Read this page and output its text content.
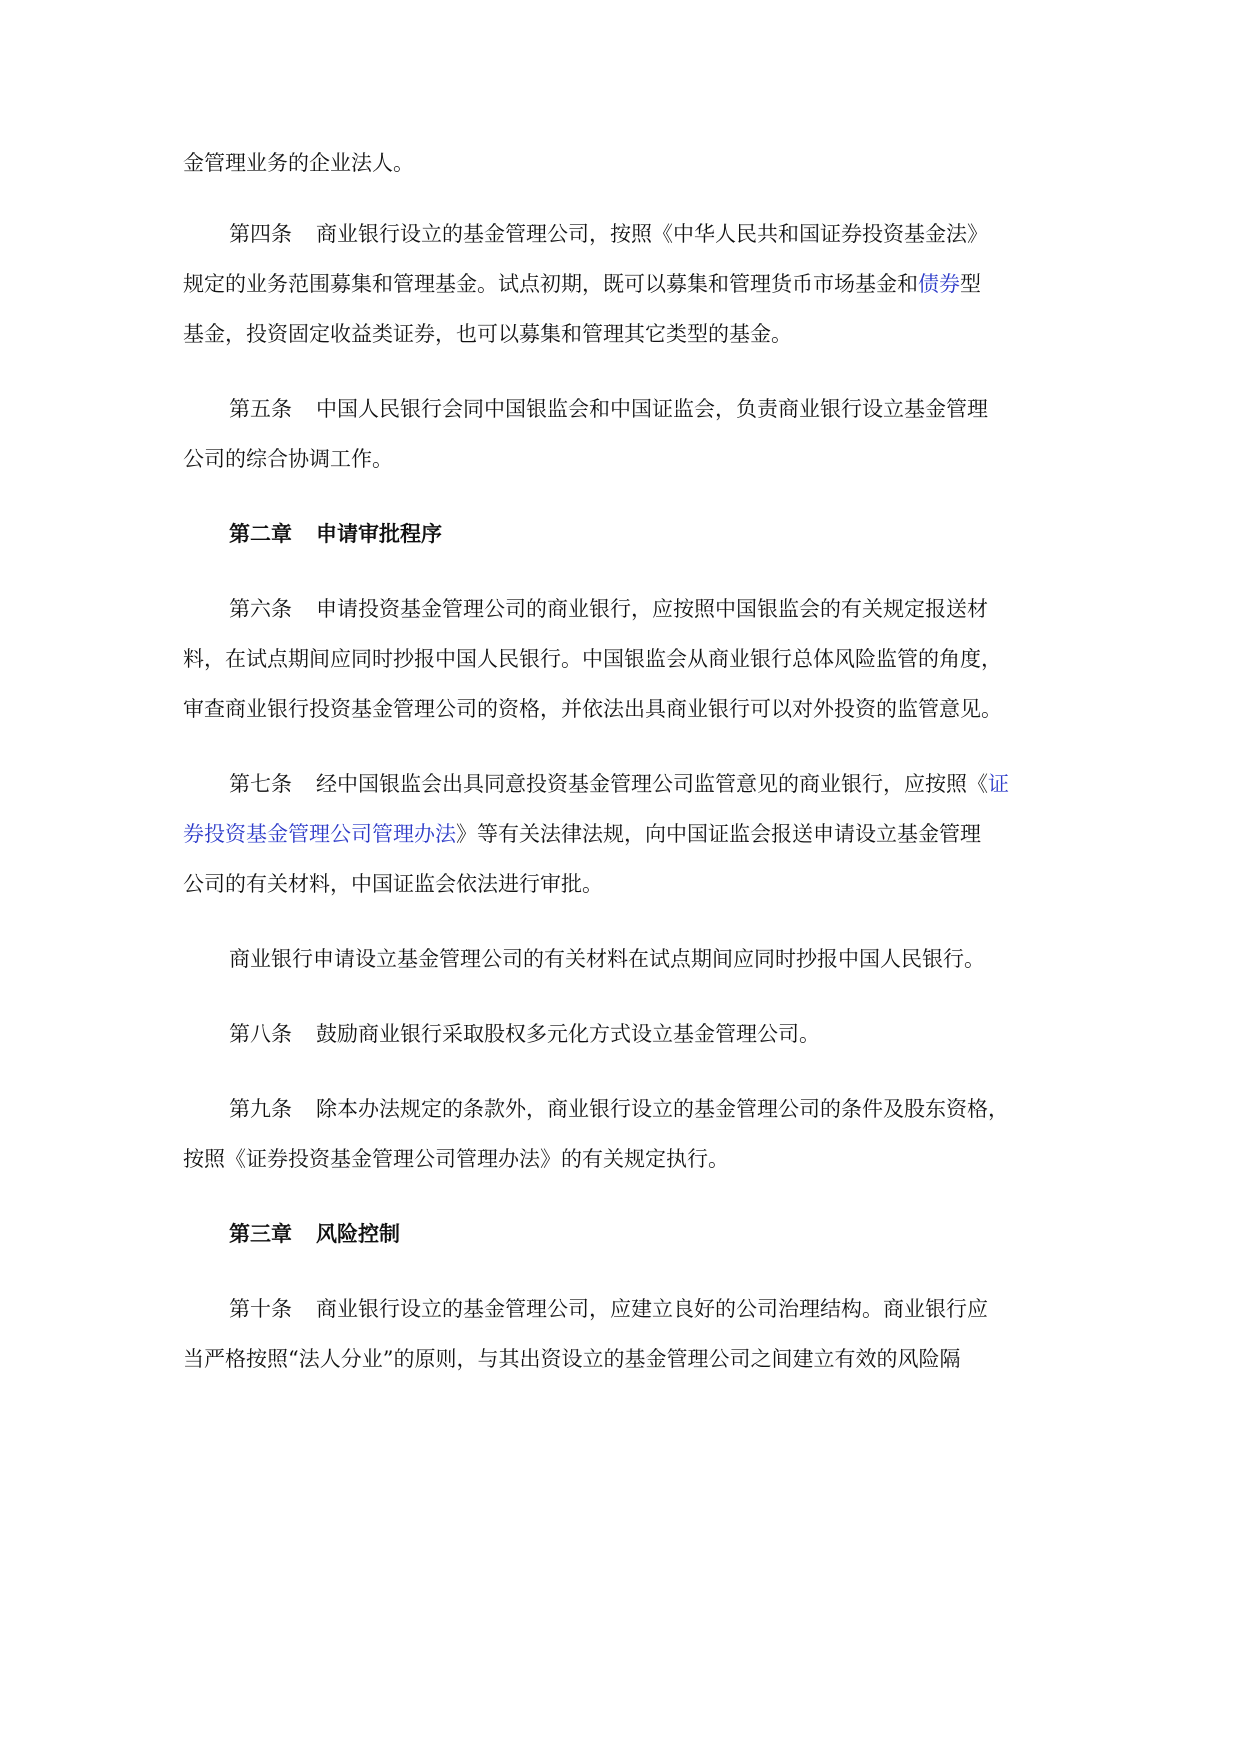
金管理业务的企业法人。
第四条 商业银行设立的基金管理公司，按照《中华人民共和国证券投资基金法》
规定的业务范围募集和管理基金。试点初期，既可以募集和管理货币市场基金和债券型
基金，投资固定收益类证券，也可以募集和管理其它类型的基金。
第五条 中国人民银行会同中国银监会和中国证监会，负责商业银行设立基金管理
公司的综合协调工作。
第二章 申请审批程序
第六条 申请投资基金管理公司的商业银行，应按照中国银监会的有关规定报送材
料，在试点期间应同时抄报中国人民银行。中国银监会从商业银行总体风险监管的角度，
审查商业银行投资基金管理公司的资格，并依法出具商业银行可以对外投资的监管意见。
第七条 经中国银监会出具同意投资基金管理公司监管意见的商业银行，应按照《证
券投资基金管理公司管理办法》等有关法律法规，向中国证监会报送申请设立基金管理
公司的有关材料，中国证监会依法进行审批。
商业银行申请设立基金管理公司的有关材料在试点期间应同时抄报中国人民银行。
第八条 鼓励商业银行采取股权多元化方式设立基金管理公司。
第九条 除本办法规定的条款外，商业银行设立的基金管理公司的条件及股东资格，
按照《证券投资基金管理公司管理办法》的有关规定执行。
第三章 风险控制
第十条 商业银行设立的基金管理公司，应建立良好的公司治理结构。商业银行应
当严格按照“法人分业”的原则，与其出资设立的基金管理公司之间建立有效的风险隔
